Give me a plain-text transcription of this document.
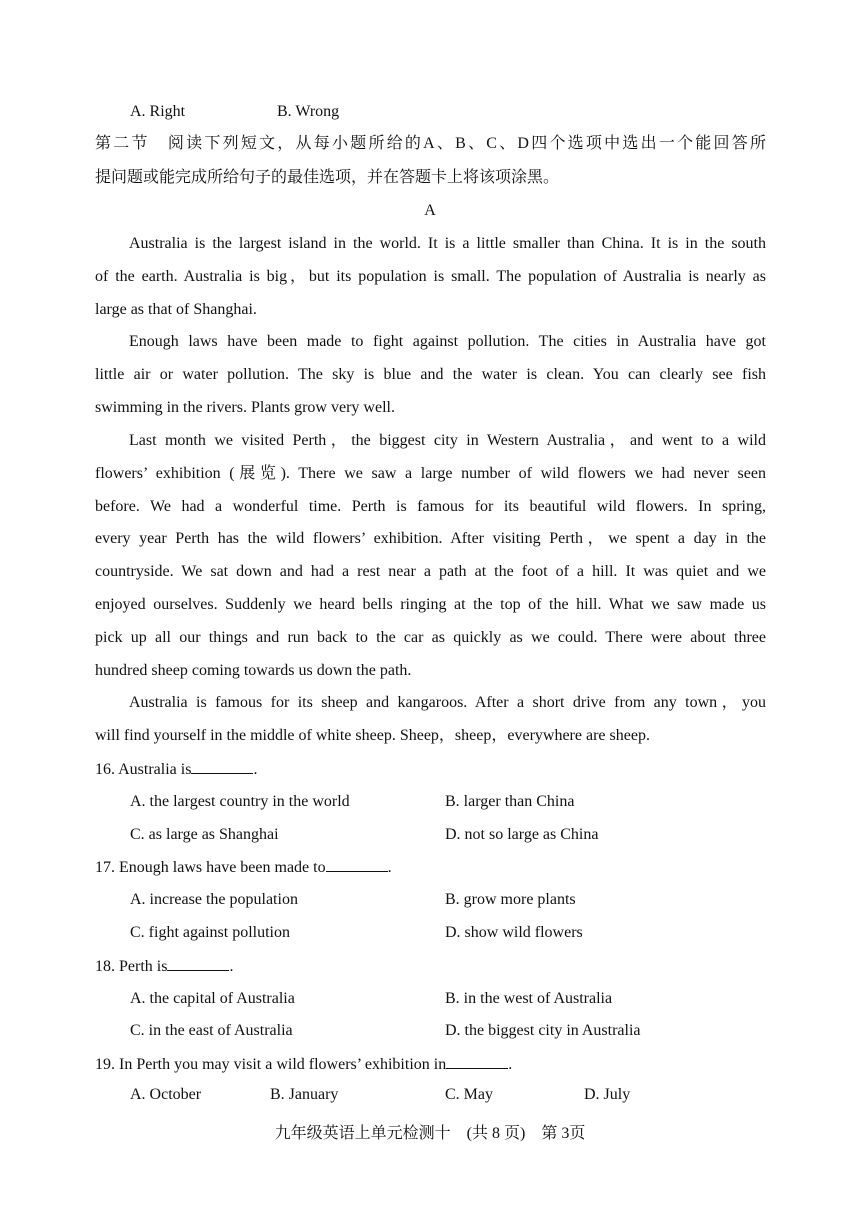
A. Right	B. Wrong
第二节　阅读下列短文，从每小题所给的A、B、C、D四个选项中选出一个能回答所
提问题或能完成所给句子的最佳选项，并在答题卡上将该项涂黑。
A
Australia is the largest island in the world. It is a little smaller than China. It is in the south
of the earth. Australia is big，but its population is small. The population of Australia is nearly as
large as that of Shanghai.
Enough laws have been made to fight against pollution. The cities in Australia have got
little air or water pollution. The sky is blue and the water is clean. You can clearly see fish
swimming in the rivers. Plants grow very well.
Last month we visited Perth，the biggest city in Western Australia，and went to a wild
flowers’ exhibition (展览). There we saw a large number of wild flowers we had never seen
before. We had a wonderful time. Perth is famous for its beautiful wild flowers. In spring,
every year Perth has the wild flowers’ exhibition. After visiting Perth，we spent a day in the
countryside. We sat down and had a rest near a path at the foot of a hill. It was quiet and we
enjoyed ourselves. Suddenly we heard bells ringing at the top of the hill. What we saw made us
pick up all our things and run back to the car as quickly as we could. There were about three
hundred sheep coming towards us down the path.
Australia is famous for its sheep and kangaroos. After a short drive from any town，you
will find yourself in the middle of white sheep. Sheep，sheep，everywhere are sheep.
16. Australia is	.
A. the largest country in the world	B. larger than China
C. as large as Shanghai	D. not so large as China
17. Enough laws have been made to	.
A. increase the population	B. grow more plants
C. fight against pollution	D. show wild flowers
18. Perth is	.
A. the capital of Australia	B. in the west of Australia
C. in the east of Australia	D. the biggest city in Australia
19. In Perth you may visit a wild flowers’ exhibition in	.
A. October	B. January	C. May	D. July
九年级英语上单元检测十　(共 8 页)　第 3页
